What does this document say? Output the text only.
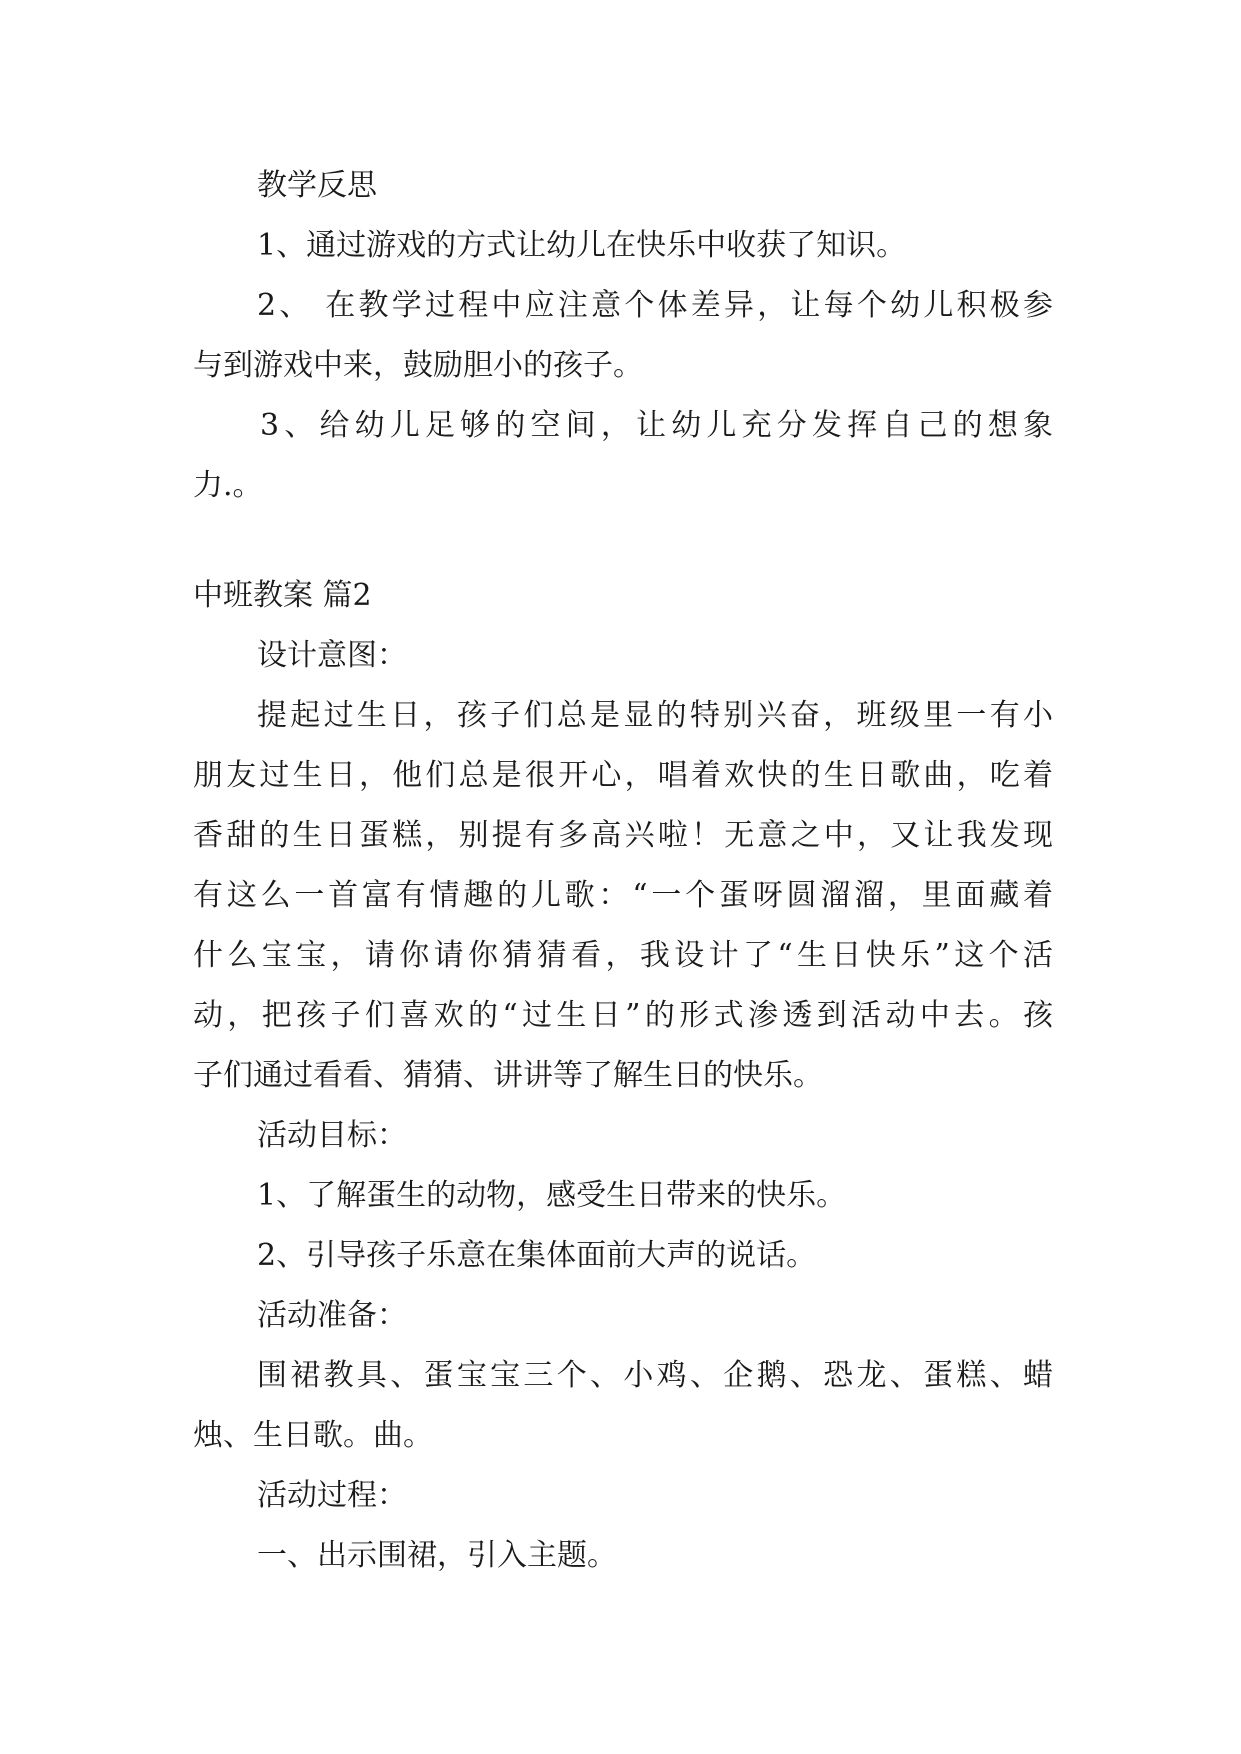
教学反思
1、通过游戏的方式让幼儿在快乐中收获了知识。
2、 在教学过程中应注意个体差异，让每个幼儿积极参
与到游戏中来，鼓励胆小的孩子。
3、给幼儿足够的空间，让幼儿充分发挥自己的想象
力.。
中班教案 篇2
设计意图：
提起过生日，孩子们总是显的特别兴奋，班级里一有小
朋友过生日，他们总是很开心，唱着欢快的生日歌曲，吃着
香甜的生日蛋糕，别提有多高兴啦！无意之中，又让我发现
有这么一首富有情趣的儿歌：“一个蛋呀圆溜溜，里面藏着
什么宝宝，请你请你猜猜看，我设计了“生日快乐”这个活
动，把孩子们喜欢的“过生日”的形式渗透到活动中去。孩
子们通过看看、猜猜、讲讲等了解生日的快乐。
活动目标：
1、了解蛋生的动物，感受生日带来的快乐。
2、引导孩子乐意在集体面前大声的说话。
活动准备：
围裙教具、蛋宝宝三个、小鸡、企鹅、恐龙、蛋糕、蜡
烛、生日歌。曲。
活动过程：
一、出示围裙，引入主题。
